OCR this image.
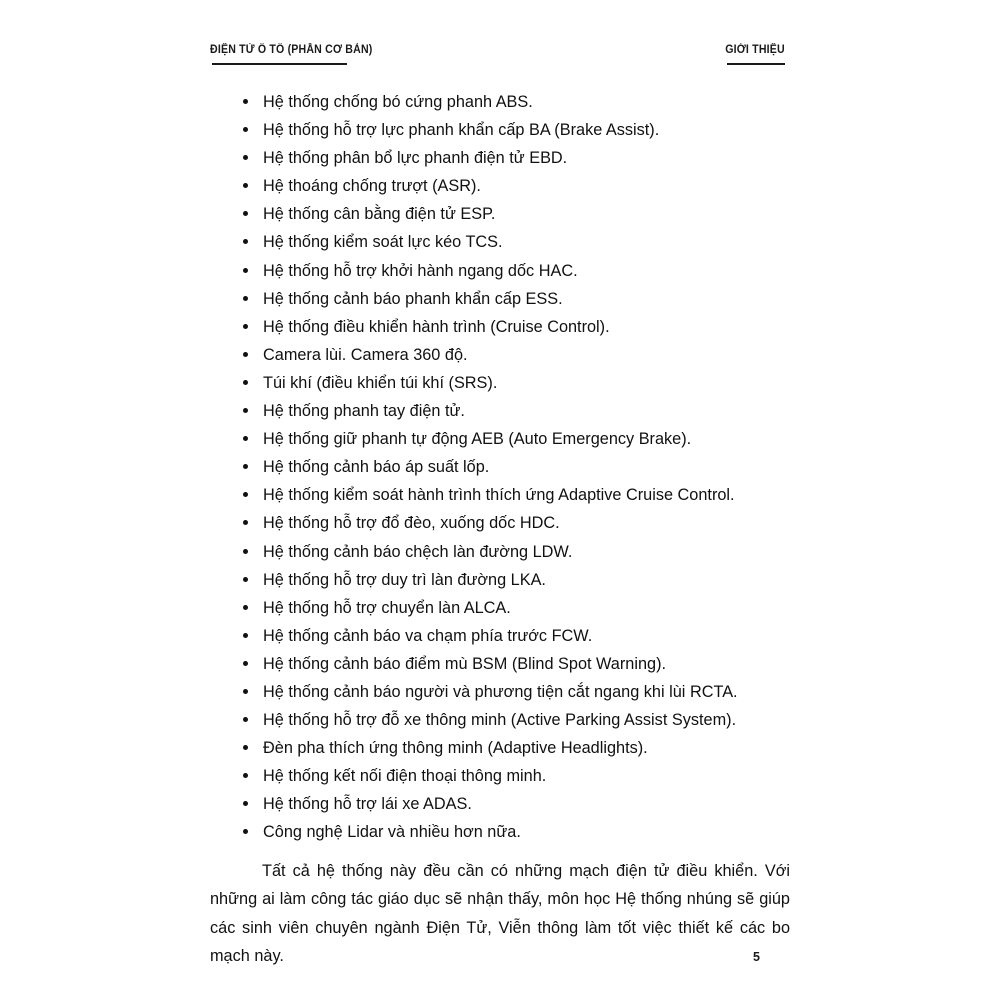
ĐIỆN TỬ Ô TÔ (PHẦN CƠ BẢN)	GIỚI THIỆU
Hệ thống chống bó cứng phanh ABS.
Hệ thống hỗ trợ lực phanh khẩn cấp BA (Brake Assist).
Hệ thống phân bổ lực phanh điện tử EBD.
Hệ thoáng chống trượt (ASR).
Hệ thống cân bằng điện tử ESP.
Hệ thống kiểm soát lực kéo TCS.
Hệ thống hỗ trợ khởi hành ngang dốc HAC.
Hệ thống cảnh báo phanh khẩn cấp ESS.
Hệ thống điều khiển hành trình (Cruise Control).
Camera lùi. Camera 360 độ.
Túi khí (điều khiển túi khí (SRS).
Hệ thống phanh tay điện tử.
Hệ thống giữ phanh tự động AEB (Auto Emergency Brake).
Hệ thống cảnh báo áp suất lốp.
Hệ thống kiểm soát hành trình thích ứng Adaptive Cruise Control.
Hệ thống hỗ trợ đổ đèo, xuống dốc HDC.
Hệ thống cảnh báo chệch làn đường LDW.
Hệ thống hỗ trợ duy trì làn đường LKA.
Hệ thống hỗ trợ chuyển làn ALCA.
Hệ thống cảnh báo va chạm phía trước FCW.
Hệ thống cảnh báo điểm mù BSM (Blind Spot Warning).
Hệ thống cảnh báo người và phương tiện cắt ngang khi lùi RCTA.
Hệ thống hỗ trợ đỗ xe thông minh (Active Parking Assist System).
Đèn pha thích ứng thông minh (Adaptive Headlights).
Hệ thống kết nối điện thoại thông minh.
Hệ thống hỗ trợ lái xe ADAS.
Công nghệ Lidar và nhiều hơn nữa.

Tất cả hệ thống này đều cần có những mạch điện tử điều khiển. Với những ai làm công tác giáo dục sẽ nhận thấy, môn học Hệ thống nhúng sẽ giúp các sinh viên chuyên ngành Điện Tử, Viễn thông làm tốt việc thiết kế các bo mạch này.	5
